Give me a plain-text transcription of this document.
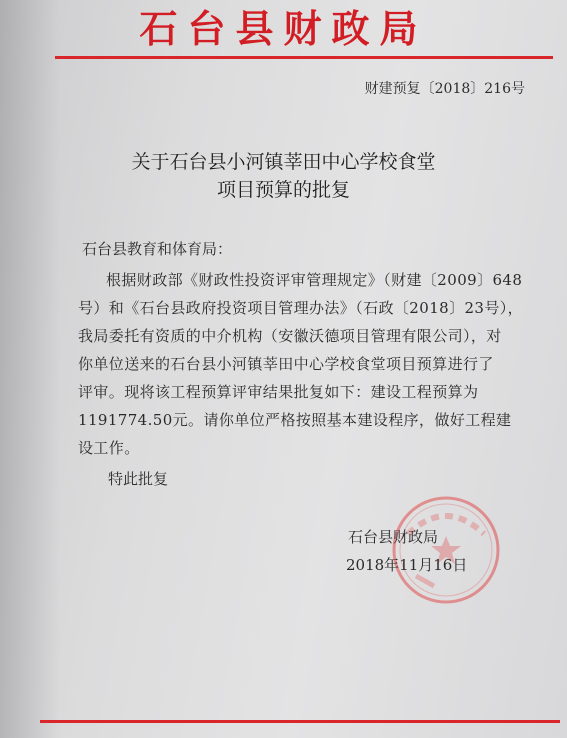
石台县财政局
财建预复〔2018〕216号
关于石台县小河镇莘田中心学校食堂
项目预算的批复
石台县教育和体育局：
根据财政部《财政性投资评审管理规定》（财建〔2009〕648
号）和《石台县政府投资项目管理办法》（石政〔2018〕23号），
我局委托有资质的中介机构（安徽沃德项目管理有限公司），对
你单位送来的石台县小河镇莘田中心学校食堂项目预算进行了
评审。现将该工程预算评审结果批复如下：建设工程预算为
1191774.50元。请你单位严格按照基本建设程序，做好工程建
设工作。
特此批复
石台县财政局
2018年11月16日
